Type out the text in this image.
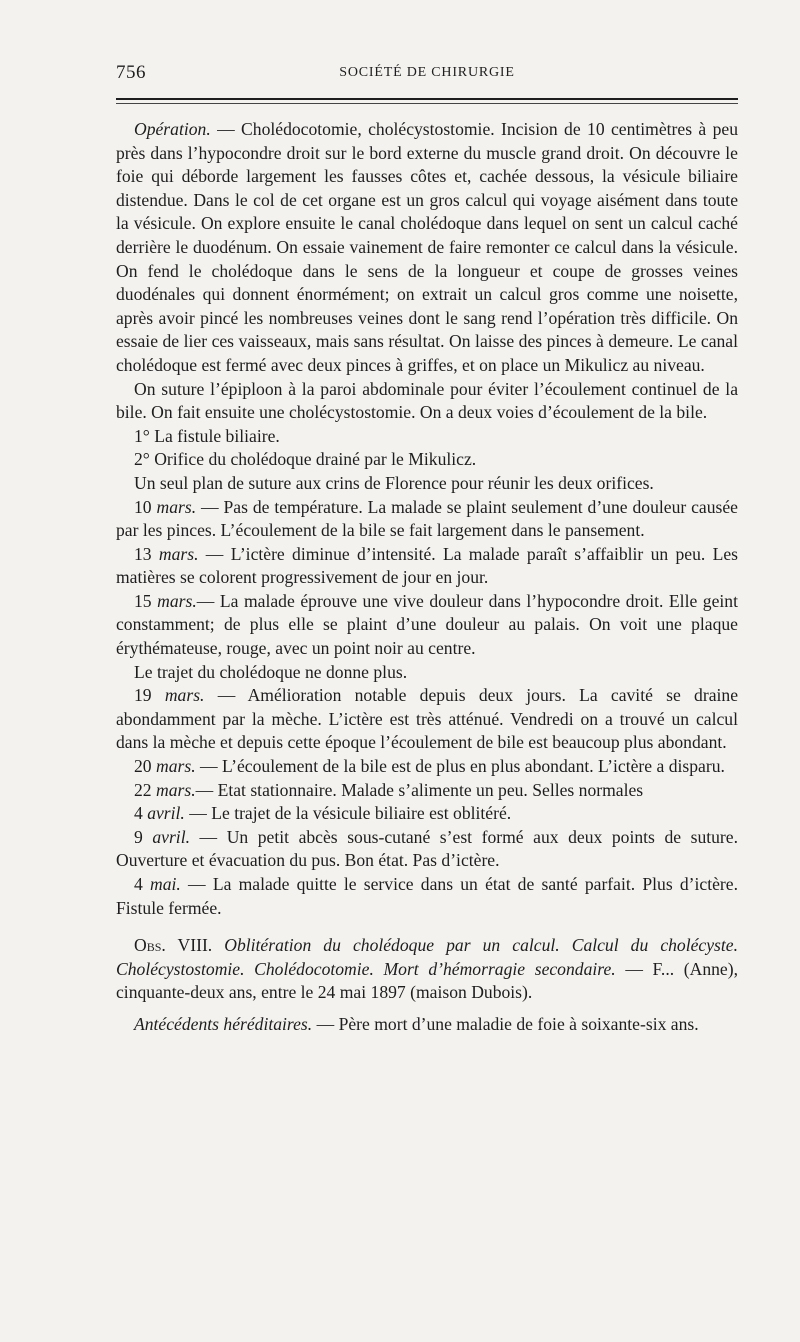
756	SOCIÉTÉ DE CHIRURGIE

Opération. — Cholédocotomie, cholécystostomie. Incision de 10 centimètres à peu près dans l’hypocondre droit sur le bord externe du muscle grand droit. On découvre le foie qui déborde largement les fausses côtes et, cachée dessous, la vésicule biliaire distendue. Dans le col de cet organe est un gros calcul qui voyage aisément dans toute la vésicule. On explore ensuite le canal cholédoque dans lequel on sent un calcul caché derrière le duodénum. On essaie vainement de faire remonter ce calcul dans la vésicule. On fend le cholédoque dans le sens de la longueur et coupe de grosses veines duodénales qui donnent énormément; on extrait un calcul gros comme une noisette, après avoir pincé les nombreuses veines dont le sang rend l’opération très difficile. On essaie de lier ces vaisseaux, mais sans résultat. On laisse des pinces à demeure. Le canal cholédoque est fermé avec deux pinces à griffes, et on place un Mikulicz au niveau.

On suture l’épiploon à la paroi abdominale pour éviter l’écoulement continuel de la bile. On fait ensuite une cholécystostomie. On a deux voies d’écoulement de la bile.

1° La fistule biliaire.

2° Orifice du cholédoque drainé par le Mikulicz.

Un seul plan de suture aux crins de Florence pour réunir les deux orifices.

10 mars. — Pas de température. La malade se plaint seulement d’une douleur causée par les pinces. L’écoulement de la bile se fait largement dans le pansement.

13 mars. — L’ictère diminue d’intensité. La malade paraît s’affaiblir un peu. Les matières se colorent progressivement de jour en jour.

15 mars.— La malade éprouve une vive douleur dans l’hypocondre droit. Elle geint constamment; de plus elle se plaint d’une douleur au palais. On voit une plaque érythémateuse, rouge, avec un point noir au centre.

Le trajet du cholédoque ne donne plus.

19 mars. — Amélioration notable depuis deux jours. La cavité se draine abondamment par la mèche. L’ictère est très atténué. Vendredi on a trouvé un calcul dans la mèche et depuis cette époque l’écoulement de bile est beaucoup plus abondant.

20 mars. — L’écoulement de la bile est de plus en plus abondant. L’ictère a disparu.

22 mars.— Etat stationnaire. Malade s’alimente un peu. Selles normales

4 avril. — Le trajet de la vésicule biliaire est oblitéré.

9 avril. — Un petit abcès sous-cutané s’est formé aux deux points de suture. Ouverture et évacuation du pus. Bon état. Pas d’ictère.

4 mai. — La malade quitte le service dans un état de santé parfait. Plus d’ictère. Fistule fermée.

Obs. VIII. Oblitération du cholédoque par un calcul. Calcul du cholécyste. Cholécystostomie. Cholédocotomie. Mort d’hémorragie secondaire. — F... (Anne), cinquante-deux ans, entre le 24 mai 1897 (maison Dubois).

Antécédents héréditaires. — Père mort d’une maladie de foie à soixante-six ans.
